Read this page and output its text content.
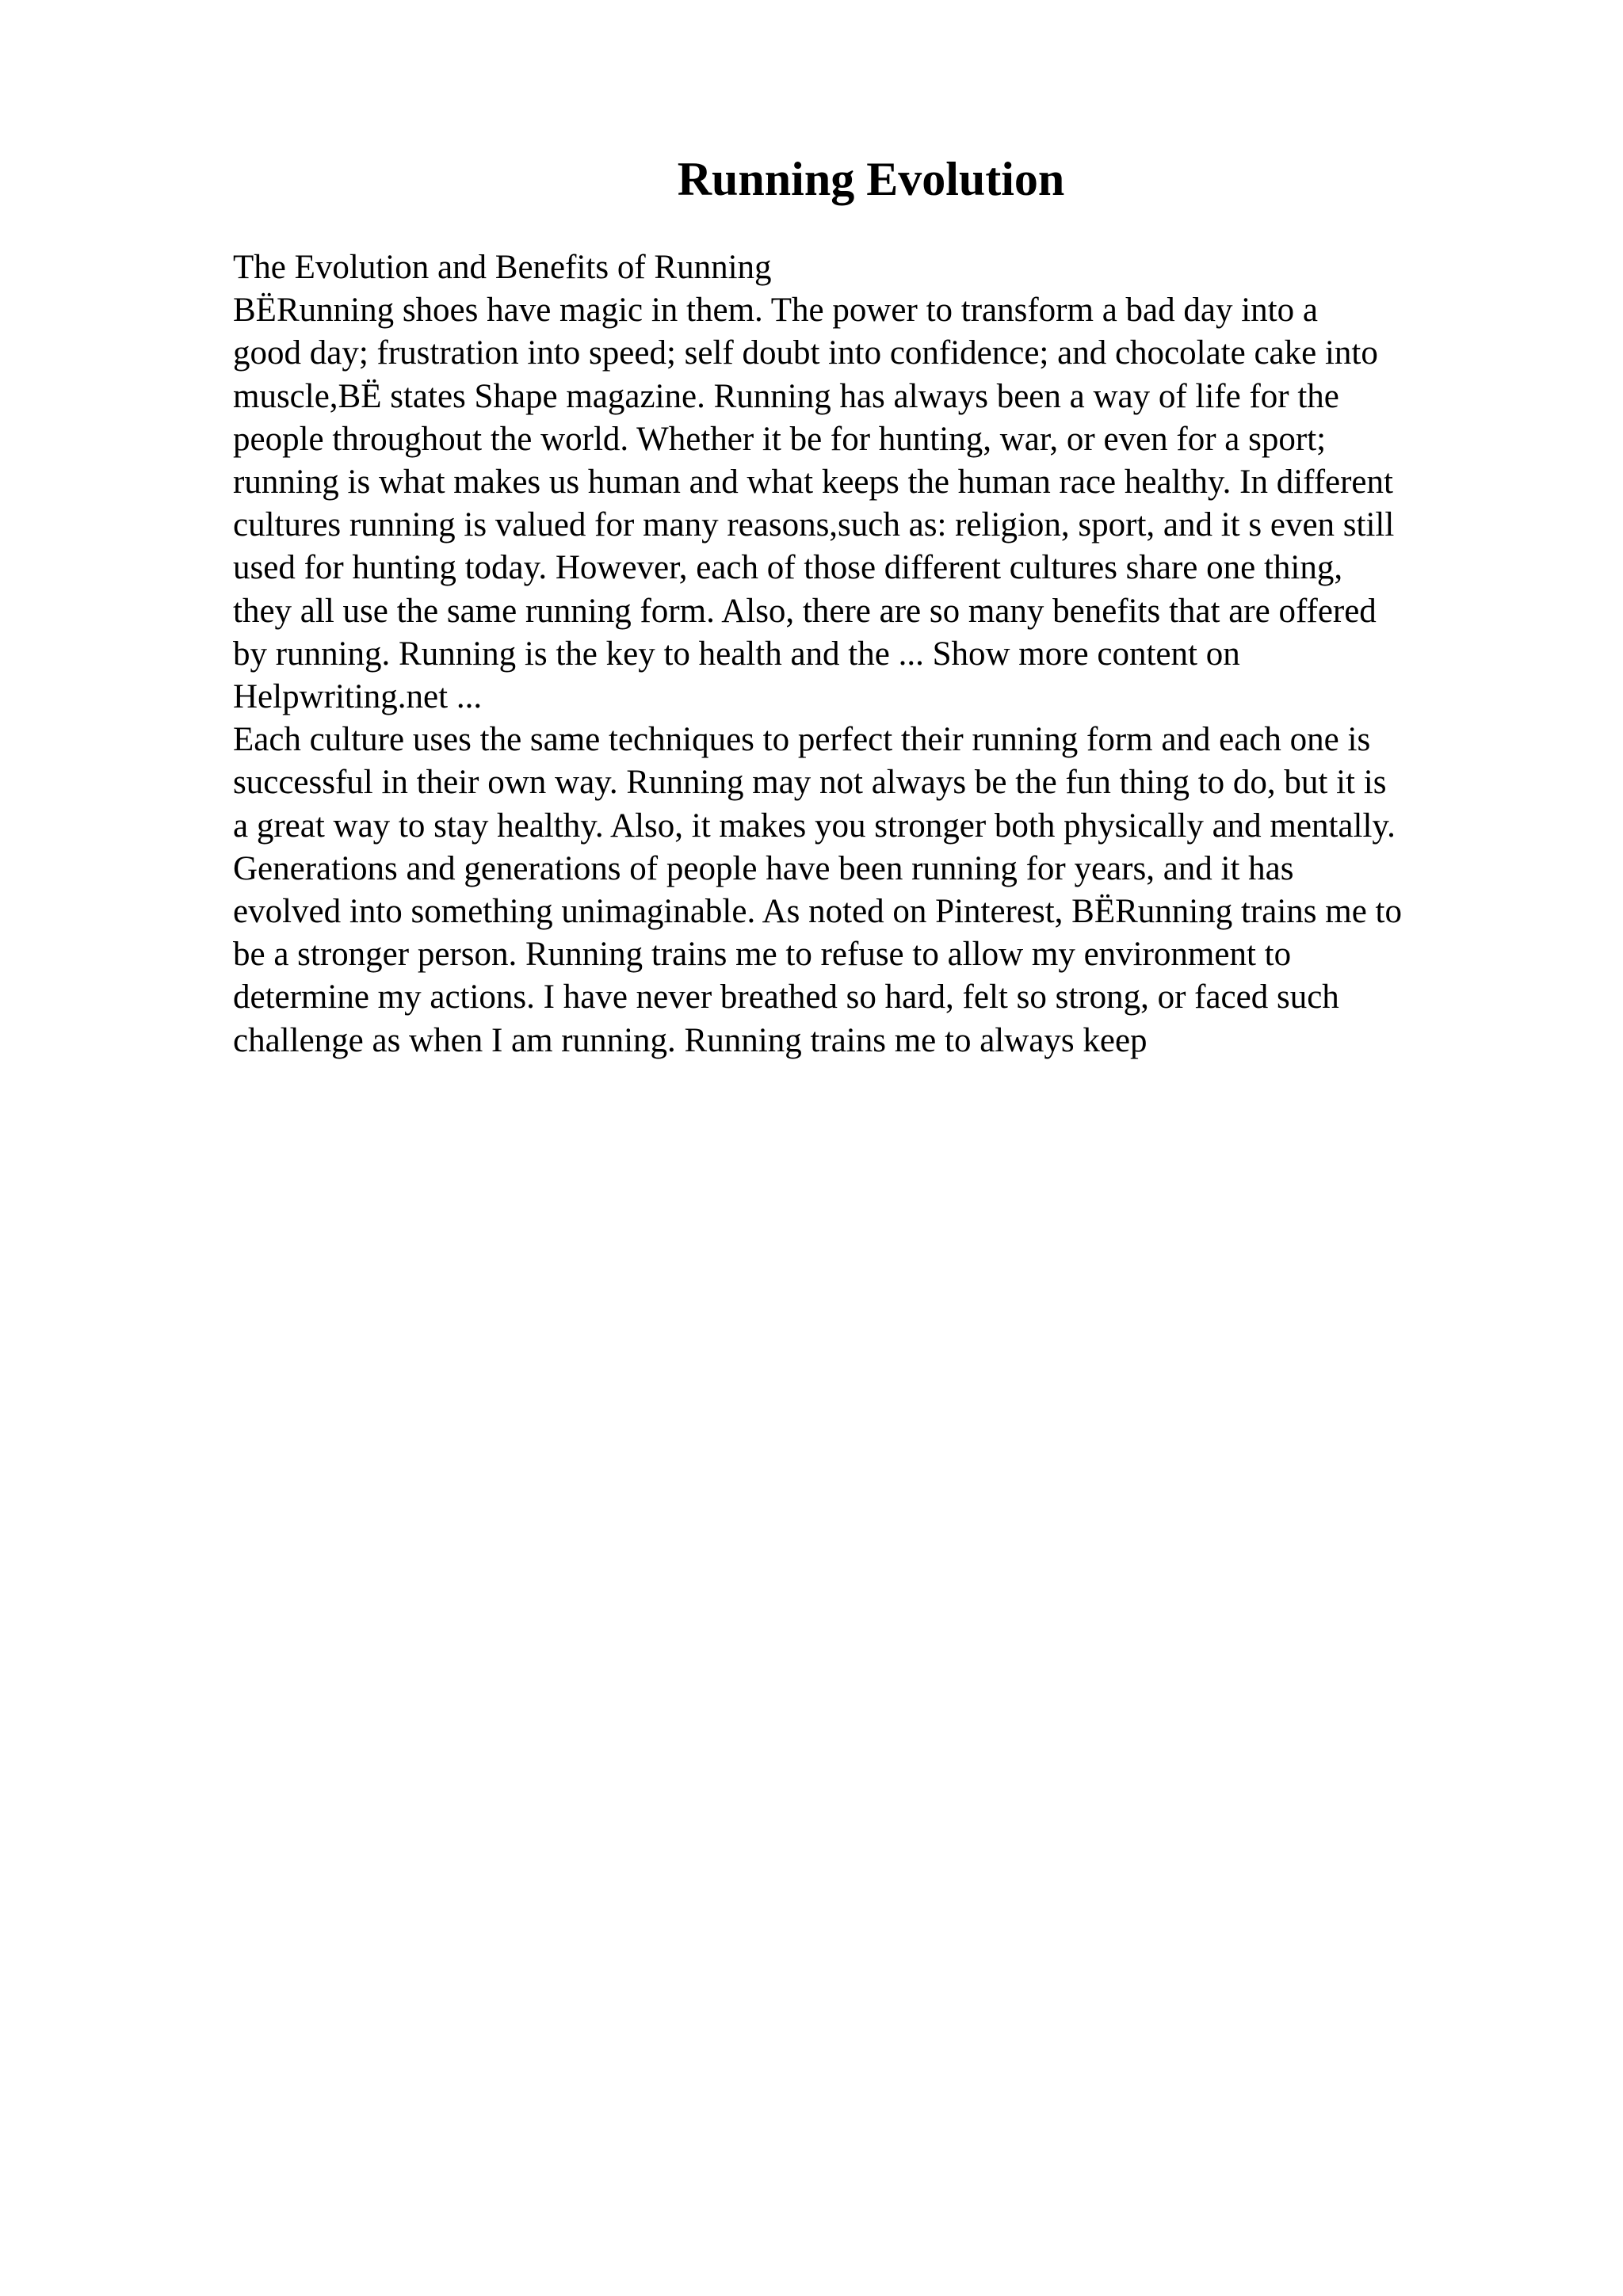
Running Evolution
The Evolution and Benefits of Running
BËRunning shoes have magic in them. The power to transform a bad day into a
good day; frustration into speed; self doubt into confidence; and chocolate cake into
muscle,BË states Shape magazine. Running has always been a way of life for the
people throughout the world. Whether it be for hunting, war, or even for a sport;
running is what makes us human and what keeps the human race healthy. In different
cultures running is valued for many reasons,such as: religion, sport, and it s even still
used for hunting today. However, each of those different cultures share one thing,
they all use the same running form. Also, there are so many benefits that are offered
by running. Running is the key to health and the ... Show more content on
Helpwriting.net ...
Each culture uses the same techniques to perfect their running form and each one is
successful in their own way. Running may not always be the fun thing to do, but it is
a great way to stay healthy. Also, it makes you stronger both physically and mentally.
Generations and generations of people have been running for years, and it has
evolved into something unimaginable. As noted on Pinterest, BËRunning trains me to
be a stronger person. Running trains me to refuse to allow my environment to
determine my actions. I have never breathed so hard, felt so strong, or faced such
challenge as when I am running. Running trains me to always keep
